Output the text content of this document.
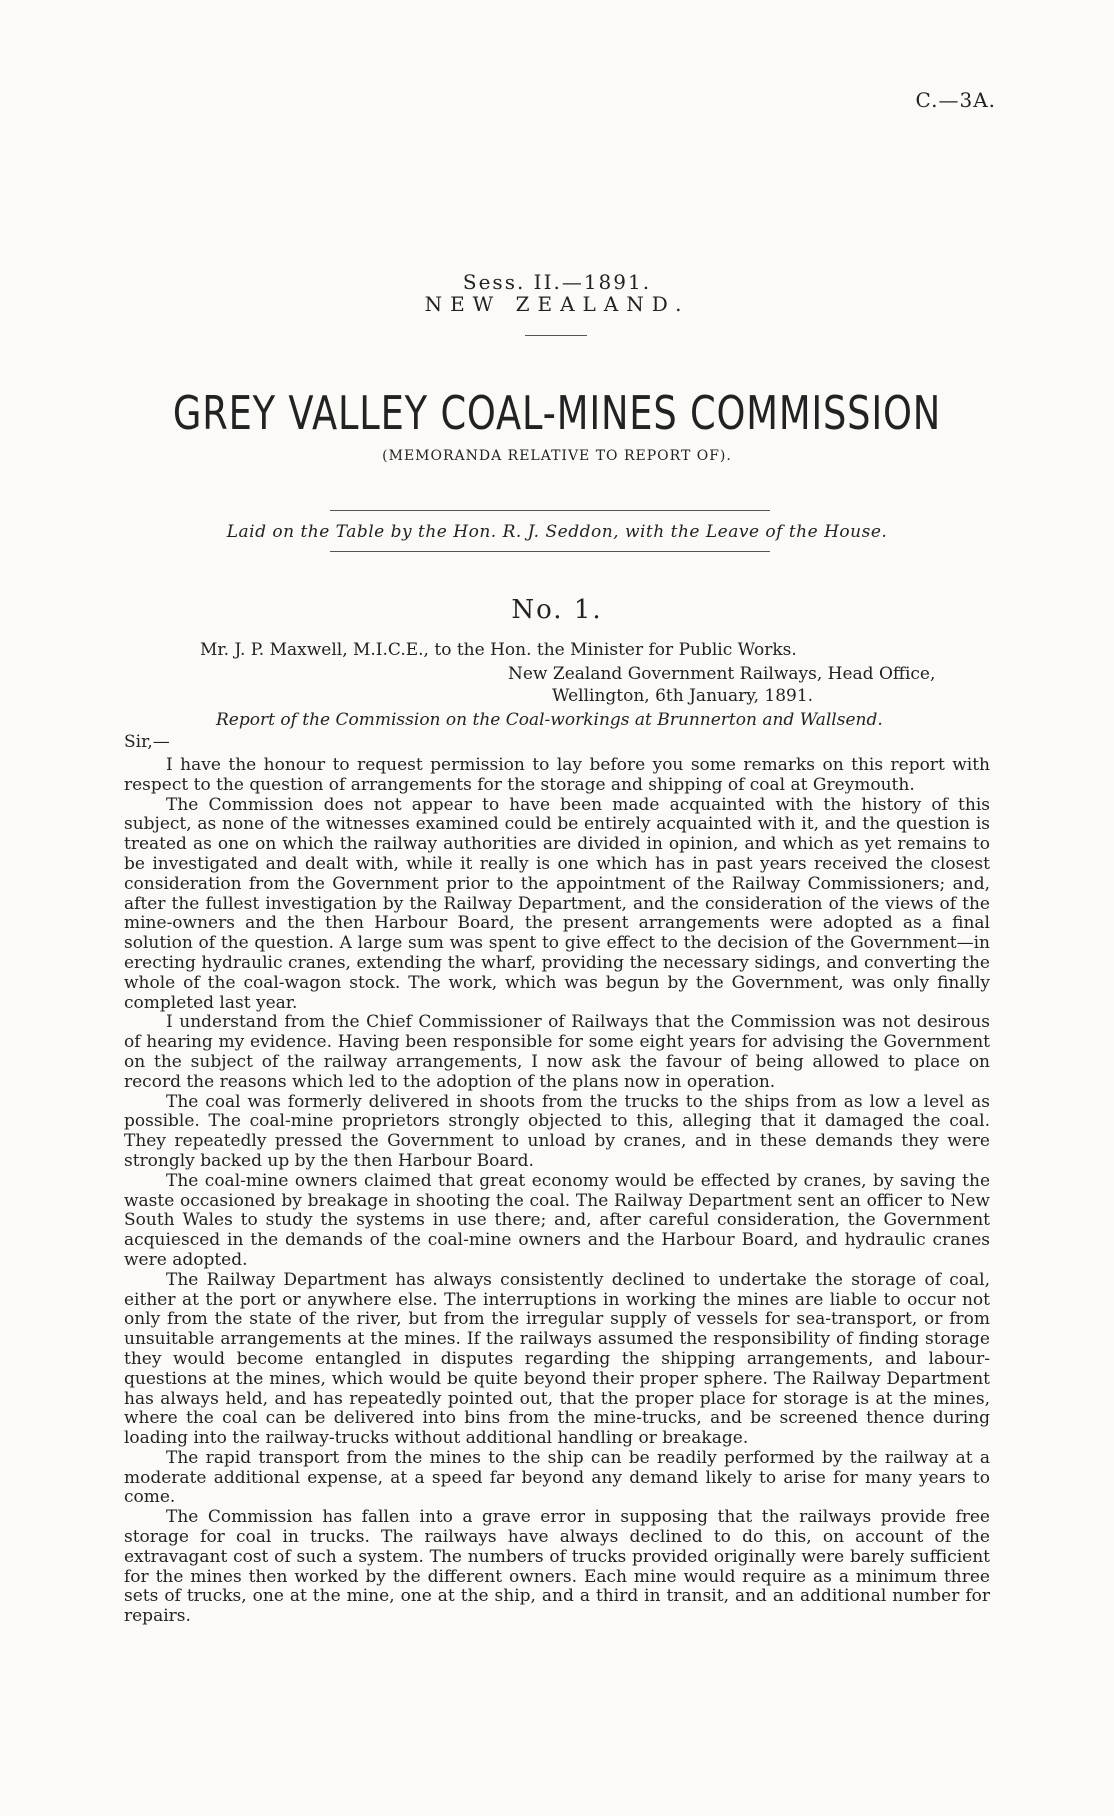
C.—3A.
Sess. II.—1891.
NEW ZEALAND.
GREY VALLEY COAL-MINES COMMISSION
(MEMORANDA RELATIVE TO REPORT OF).
Laid on the Table by the Hon. R. J. Seddon, with the Leave of the House.
No. 1.
Mr. J. P. Maxwell, M.I.C.E., to the Hon. the Minister for Public Works.
New Zealand Government Railways, Head Office,
Wellington, 6th January, 1891.
Report of the Commission on the Coal-workings at Brunnerton and Wallsend.
Sir,—

I have the honour to request permission to lay before you some remarks on this report with respect to the question of arrangements for the storage and shipping of coal at Greymouth.

The Commission does not appear to have been made acquainted with the history of this subject, as none of the witnesses examined could be entirely acquainted with it, and the question is treated as one on which the railway authorities are divided in opinion, and which as yet remains to be investigated and dealt with, while it really is one which has in past years received the closest consideration from the Government prior to the appointment of the Railway Commissioners; and, after the fullest investigation by the Railway Department, and the consideration of the views of the mine-owners and the then Harbour Board, the present arrangements were adopted as a final solution of the question. A large sum was spent to give effect to the decision of the Government—in erecting hydraulic cranes, extending the wharf, providing the necessary sidings, and converting the whole of the coal-wagon stock. The work, which was begun by the Government, was only finally completed last year.

I understand from the Chief Commissioner of Railways that the Commission was not desirous of hearing my evidence. Having been responsible for some eight years for advising the Government on the subject of the railway arrangements, I now ask the favour of being allowed to place on record the reasons which led to the adoption of the plans now in operation.

The coal was formerly delivered in shoots from the trucks to the ships from as low a level as possible. The coal-mine proprietors strongly objected to this, alleging that it damaged the coal. They repeatedly pressed the Government to unload by cranes, and in these demands they were strongly backed up by the then Harbour Board.

The coal-mine owners claimed that great economy would be effected by cranes, by saving the waste occasioned by breakage in shooting the coal. The Railway Department sent an officer to New South Wales to study the systems in use there; and, after careful consideration, the Government acquiesced in the demands of the coal-mine owners and the Harbour Board, and hydraulic cranes were adopted.

The Railway Department has always consistently declined to undertake the storage of coal, either at the port or anywhere else. The interruptions in working the mines are liable to occur not only from the state of the river, but from the irregular supply of vessels for sea-transport, or from unsuitable arrangements at the mines. If the railways assumed the responsibility of finding storage they would become entangled in disputes regarding the shipping arrangements, and labour-questions at the mines, which would be quite beyond their proper sphere. The Railway Department has always held, and has repeatedly pointed out, that the proper place for storage is at the mines, where the coal can be delivered into bins from the mine-trucks, and be screened thence during loading into the railway-trucks without additional handling or breakage.

The rapid transport from the mines to the ship can be readily performed by the railway at a moderate additional expense, at a speed far beyond any demand likely to arise for many years to come.

The Commission has fallen into a grave error in supposing that the railways provide free storage for coal in trucks. The railways have always declined to do this, on account of the extravagant cost of such a system. The numbers of trucks provided originally were barely sufficient for the mines then worked by the different owners. Each mine would require as a minimum three sets of trucks, one at the mine, one at the ship, and a third in transit, and an additional number for repairs.
